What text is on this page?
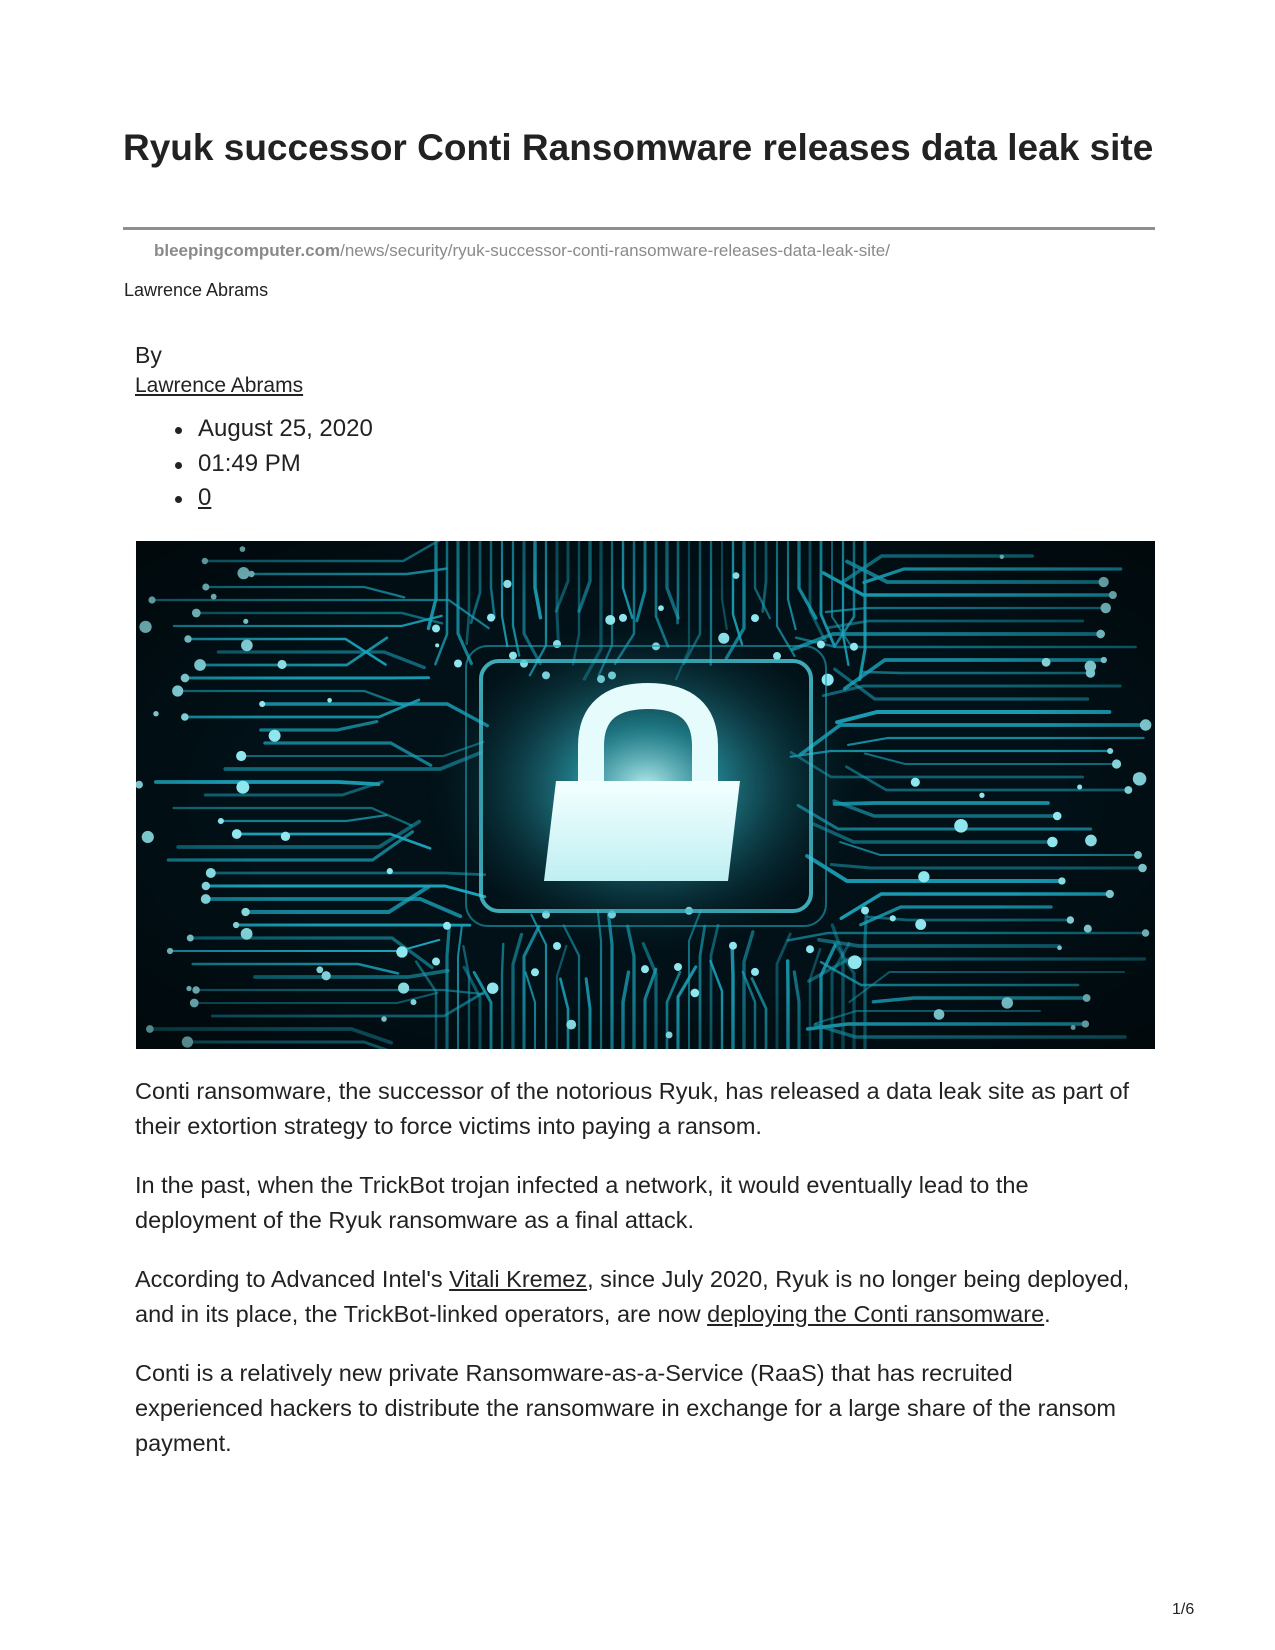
Ryuk successor Conti Ransomware releases data leak site
bleepingcomputer.com/news/security/ryuk-successor-conti-ransomware-releases-data-leak-site/
Lawrence Abrams
By
Lawrence Abrams
August 25, 2020
01:49 PM
0

Conti ransomware, the successor of the notorious Ryuk, has released a data leak site as part of their extortion strategy to force victims into paying a ransom.

In the past, when the TrickBot trojan infected a network, it would eventually lead to the deployment of the Ryuk ransomware as a final attack.

According to Advanced Intel's Vitali Kremez, since July 2020, Ryuk is no longer being deployed, and in its place, the TrickBot-linked operators, are now deploying the Conti ransomware.

Conti is a relatively new private Ransomware-as-a-Service (RaaS) that has recruited experienced hackers to distribute the ransomware in exchange for a large share of the ransom payment.

1/6
